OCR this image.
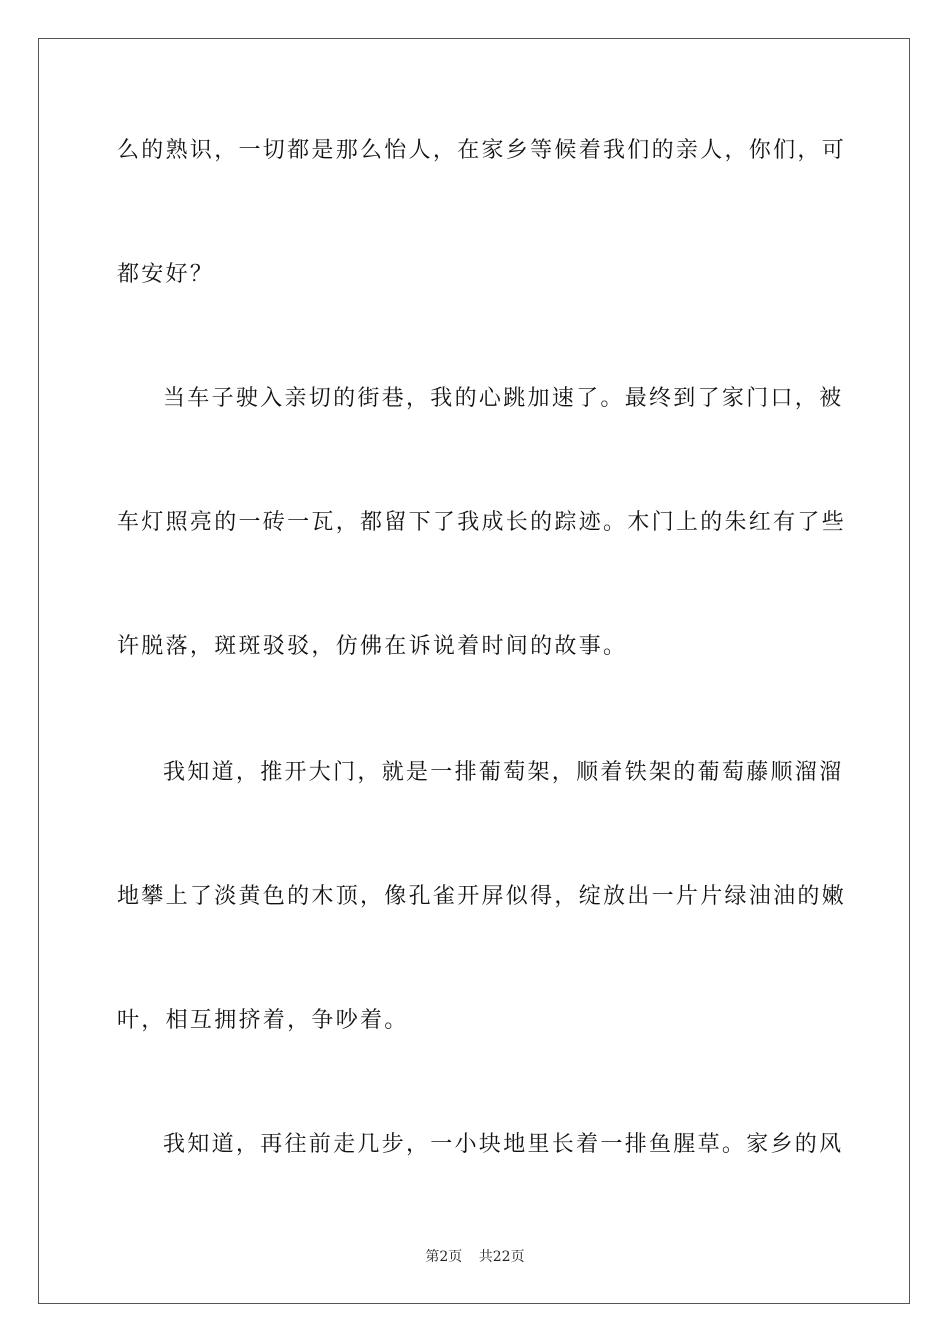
么的熟识，一切都是那么怡人，在家乡等候着我们的亲人，你们，可
都安好？
当车子驶入亲切的街巷，我的心跳加速了。最终到了家门口，被
车灯照亮的一砖一瓦，都留下了我成长的踪迹。木门上的朱红有了些
许脱落，斑斑驳驳，仿佛在诉说着时间的故事。
我知道，推开大门，就是一排葡萄架，顺着铁架的葡萄藤顺溜溜
地攀上了淡黄色的木顶，像孔雀开屏似得，绽放出一片片绿油油的嫩
叶，相互拥挤着，争吵着。
我知道，再往前走几步，一小块地里长着一排鱼腥草。家乡的风
第2页 共22页
